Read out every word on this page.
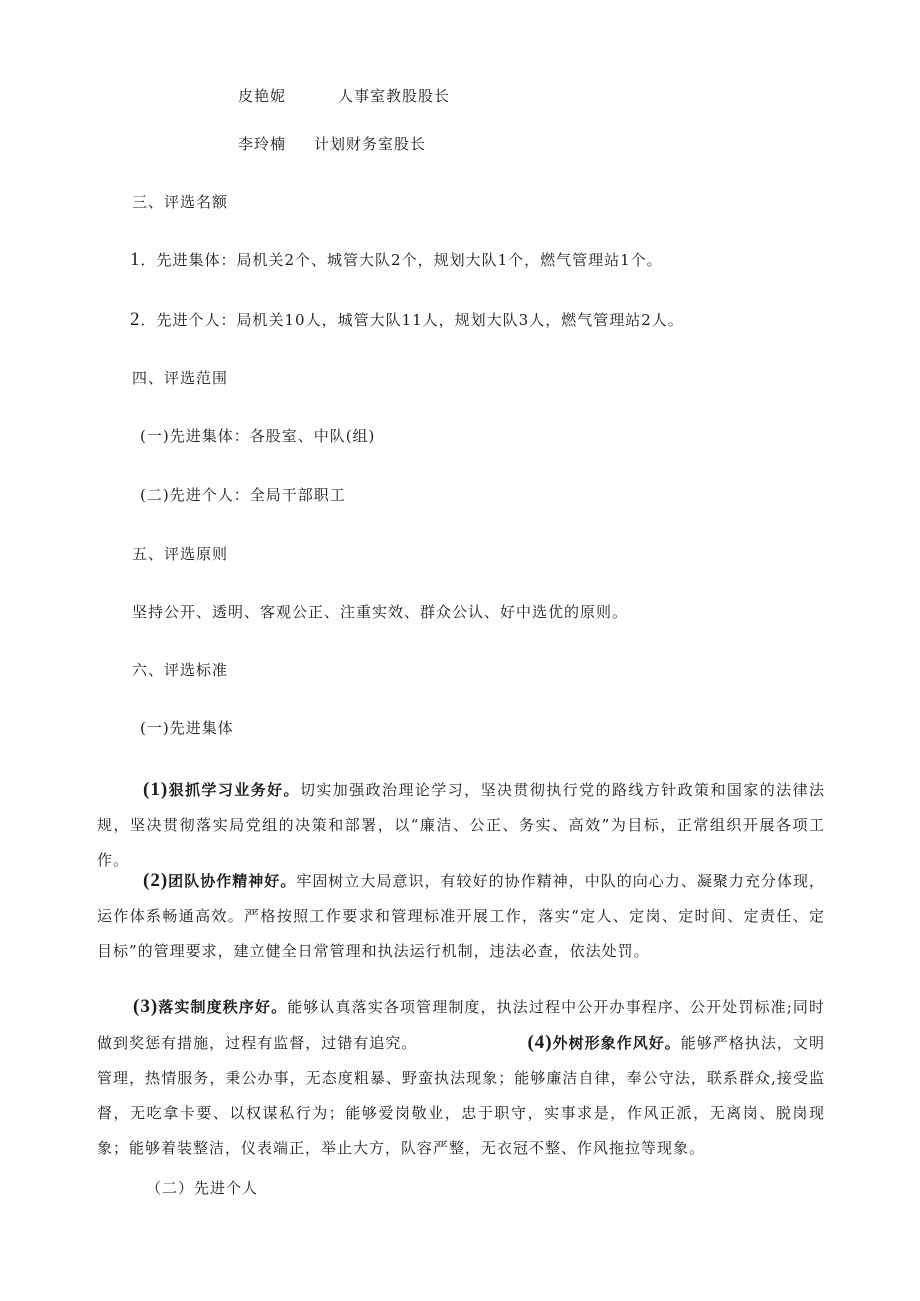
皮艳妮	人事室教股股长
李玲楠 计划财务室股长
三、评选名额
1．先进集体：局机关2个、城管大队2个，规划大队1个，燃气管理站1个。
2．先进个人：局机关10人，城管大队11人，规划大队3人，燃气管理站2人。
四、评选范围
(一)先进集体：各股室、中队(组)
(二)先进个人：全局干部职工
五、评选原则
坚持公开、透明、客观公正、注重实效、群众公认、好中选优的原则。
六、评选标准
(一)先进集体
(1)狠抓学习业务好。切实加强政治理论学习，坚决贯彻执行党的路线方针政策和国家的法律法规，坚决贯彻落实局党组的决策和部署，以“廉洁、公正、务实、高效”为目标，正常组织开展各项工作。
(2)团队协作精神好。牢固树立大局意识，有较好的协作精神，中队的向心力、凝聚力充分体现，运作体系畅通高效。严格按照工作要求和管理标准开展工作，落实“定人、定岗、定时间、定责任、定目标”的管理要求，建立健全日常管理和执法运行机制，违法必查，依法处罚。
(3)落实制度秩序好。能够认真落实各项管理制度，执法过程中公开办事程序、公开处罚标准;同时做到奖惩有措施，过程有监督，过错有追究。	(4)外树形象作风好。能够严格执法，文明管理，热情服务，秉公办事，无态度粗暴、野蛮执法现象；能够廉洁自律，奉公守法，联系群众,接受监督，无吃拿卡要、以权谋私行为；能够爱岗敬业，忠于职守，实事求是，作风正派，无离岗、脱岗现象；能够着装整洁，仪表端正，举止大方，队容严整，无衣冠不整、作风拖拉等现象。
（二）先进个人
